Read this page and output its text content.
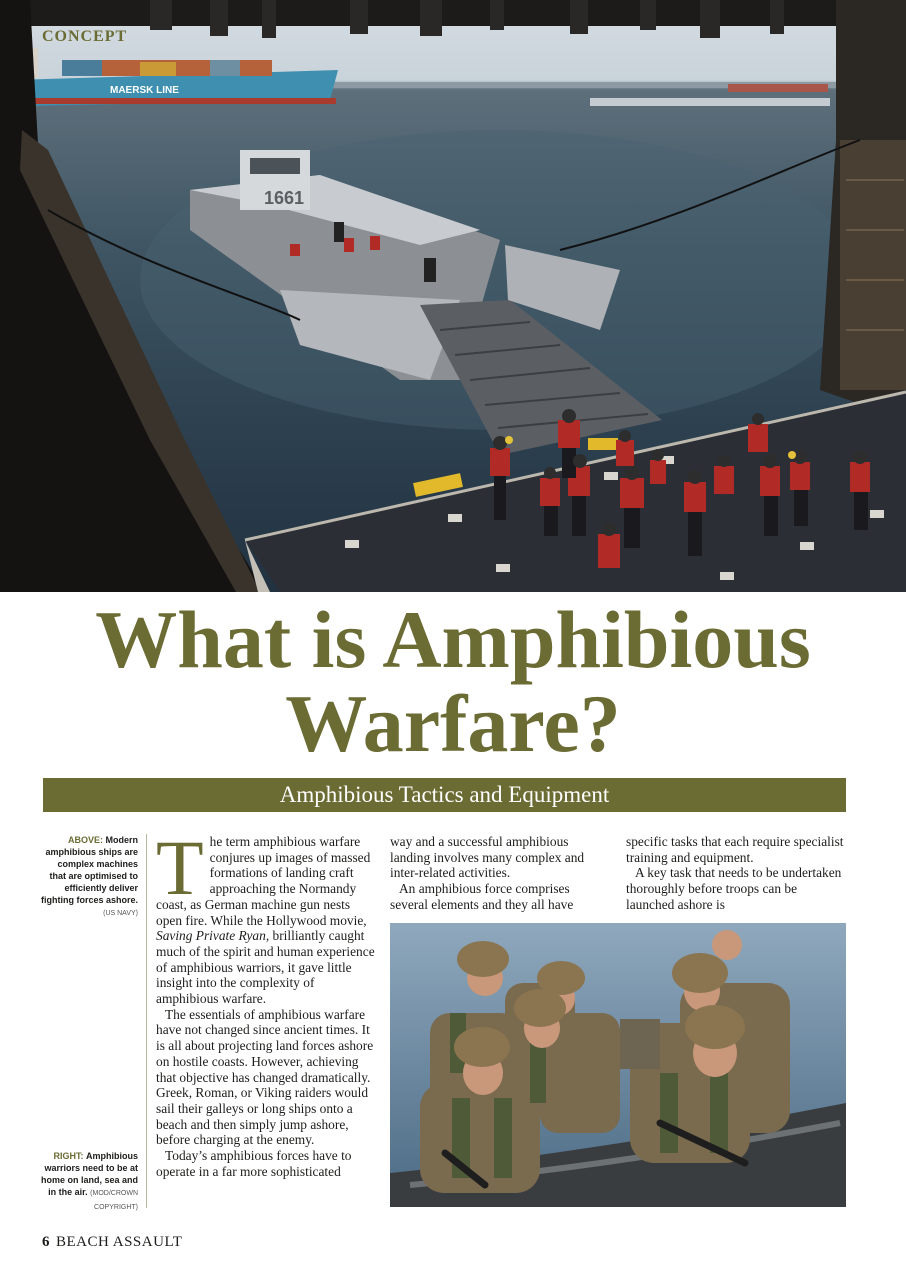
MAERSK LINE
1661
CONCEPT
What is Amphibious
Warfare?
Amphibious Tactics and Equipment
ABOVE: Modern amphibious ships are complex machines that are optimised to efficiently deliver fighting forces ashore. (US NAVY)
RIGHT: Amphibious warriors need to be at home on land, sea and in the air. (MOD/CROWN COPYRIGHT)

The term amphibious warfare conjures up images of massed formations of landing craft approaching the Normandy coast, as German machine gun nests open fire. While the Hollywood movie, Saving Private Ryan, brilliantly caught much of the spirit and human experience of amphibious warriors, it gave little insight into the complexity of amphibious warfare.

The essentials of amphibious warfare have not changed since ancient times. It is all about projecting land forces ashore on hostile coasts. However, achieving that objective has changed dramatically. Greek, Roman, or Viking raiders would sail their galleys or long ships onto a beach and then simply jump ashore, before charging at the enemy.

Today’s amphibious forces have to operate in a far more sophisticated

way and a successful amphibious landing involves many complex and inter-related activities.

An amphibious force comprises several elements and they all have

specific tasks that each require specialist training and equipment.

A key task that needs to be undertaken thoroughly before troops can be launched ashore is

6 BEACH ASSAULT
